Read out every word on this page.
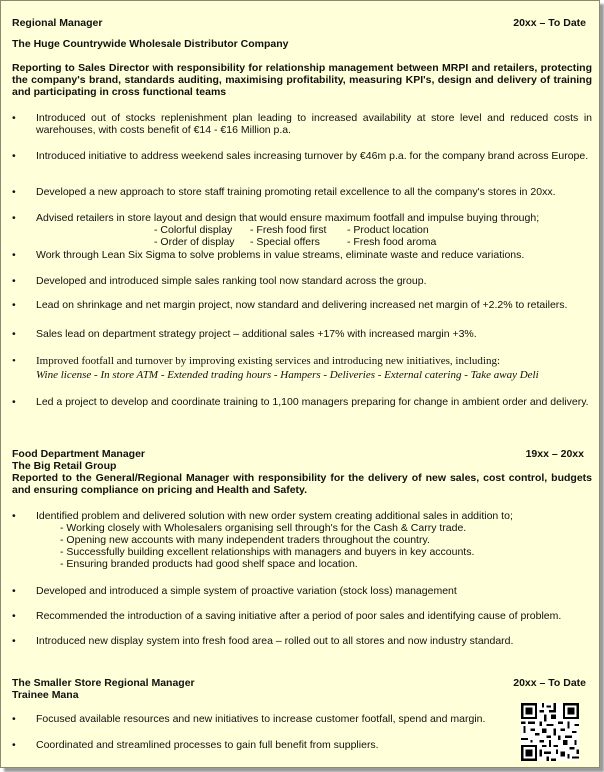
Regional Manager	20xx – To Date
The Huge Countrywide Wholesale Distributor Company
Reporting to Sales Director with responsibility for relationship management between MRPI and retailers, protecting the company's brand, standards auditing, maximising profitability, measuring KPI's, design and delivery of training and participating in cross functional teams
• Introduced out of stocks replenishment plan leading to increased availability at store level and reduced costs in warehouses, with costs benefit of €14 - €16 Million p.a.
• Introduced initiative to address weekend sales increasing turnover by €46m p.a. for the company brand across Europe.
• Developed a new approach to store staff training promoting retail excellence to all the company's stores in 20xx.
• Advised retailers in store layout and design that would ensure maximum footfall and impulse buying through;
- Colorful display - Fresh food first - Product location
- Order of display - Special offers	- Fresh food aroma
• Work through Lean Six Sigma to solve problems in value streams, eliminate waste and reduce variations.
• Developed and introduced simple sales ranking tool now standard across the group.
• Lead on shrinkage and net margin project, now standard and delivering increased net margin of +2.2% to retailers.
• Sales lead on department strategy project – additional sales +17% with increased margin +3%.
• Improved footfall and turnover by improving existing services and introducing new initiatives, including:
Wine license - In store ATM - Extended trading hours - Hampers - Deliveries - External catering - Take away Deli
• Led a project to develop and coordinate training to 1,100 managers preparing for change in ambient order and delivery.
Food Department Manager	19xx – 20xx
The Big Retail Group
Reported to the General/Regional Manager with responsibility for the delivery of new sales, cost control, budgets and ensuring compliance on pricing and Health and Safety.
• Identified problem and delivered solution with new order system creating additional sales in addition to;
- Working closely with Wholesalers organising sell through's for the Cash & Carry trade.
- Opening new accounts with many independent traders throughout the country.
- Successfully building excellent relationships with managers and buyers in key accounts.
- Ensuring branded products had good shelf space and location.
• Developed and introduced a simple system of proactive variation (stock loss) management
• Recommended the introduction of a saving initiative after a period of poor sales and identifying cause of problem.
• Introduced new display system into fresh food area – rolled out to all stores and now industry standard.
The Smaller Store Regional Manager	20xx – To Date
Trainee Mana
• Focused available resources and new initiatives to increase customer footfall, spend and margin.
• Coordinated and streamlined processes to gain full benefit from suppliers.
